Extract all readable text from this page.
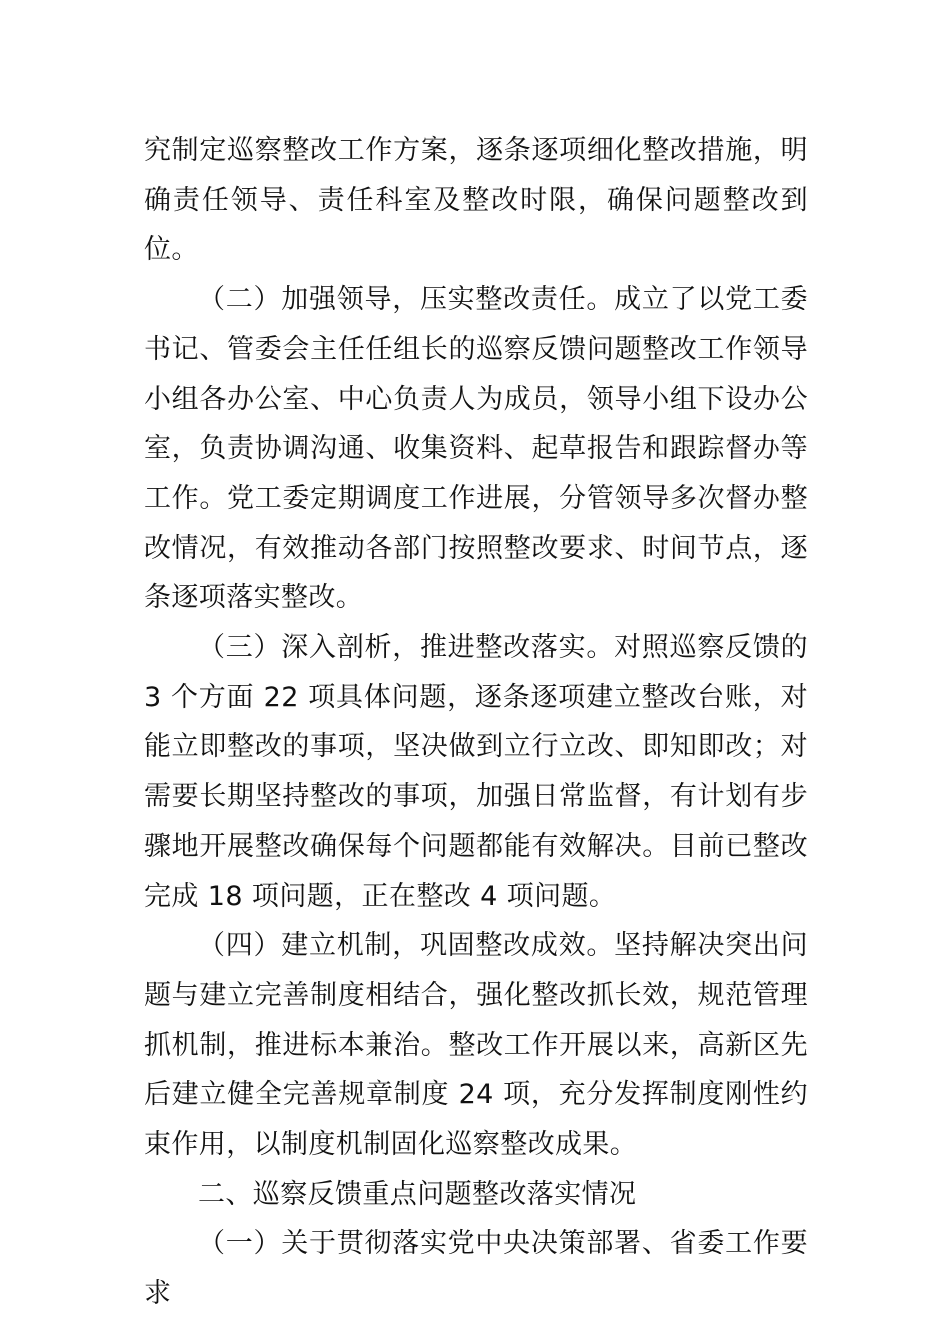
究制定巡察整改工作方案，逐条逐项细化整改措施，明确责任领导、责任科室及整改时限，确保问题整改到位。

（二）加强领导，压实整改责任。成立了以党工委书记、管委会主任任组长的巡察反馈问题整改工作领导小组各办公室、中心负责人为成员，领导小组下设办公室，负责协调沟通、收集资料、起草报告和跟踪督办等工作。党工委定期调度工作进展，分管领导多次督办整改情况，有效推动各部门按照整改要求、时间节点，逐条逐项落实整改。

（三）深入剖析，推进整改落实。对照巡察反馈的 3 个方面 22 项具体问题，逐条逐项建立整改台账，对能立即整改的事项，坚决做到立行立改、即知即改；对需要长期坚持整改的事项，加强日常监督，有计划有步骤地开展整改确保每个问题都能有效解决。目前已整改完成 18 项问题，正在整改 4 项问题。

（四）建立机制，巩固整改成效。坚持解决突出问题与建立完善制度相结合，强化整改抓长效，规范管理抓机制，推进标本兼治。整改工作开展以来，高新区先后建立健全完善规章制度 24 项，充分发挥制度刚性约束作用，以制度机制固化巡察整改成果。

二、巡察反馈重点问题整改落实情况

（一）关于贯彻落实党中央决策部署、省委工作要求
